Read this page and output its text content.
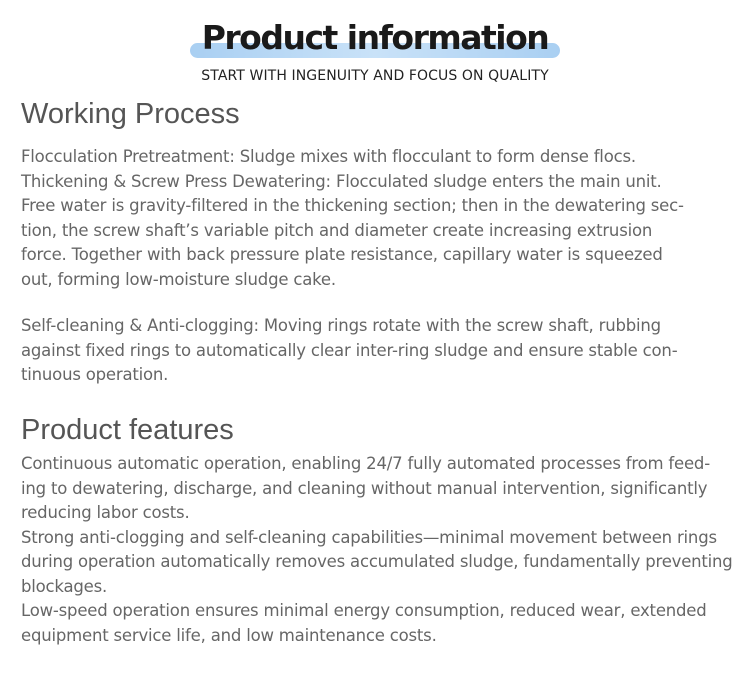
Product information
START WITH INGENUITY AND FOCUS ON QUALITY
Working Process

Flocculation Pretreatment: Sludge mixes with flocculant to form dense flocs.
Thickening & Screw Press Dewatering: Flocculated sludge enters the main unit.
Free water is gravity-filtered in the thickening section; then in the dewatering sec-
tion, the screw shaft’s variable pitch and diameter create increasing extrusion
force. Together with back pressure plate resistance, capillary water is squeezed
out, forming low-moisture sludge cake.

Self-cleaning & Anti-clogging: Moving rings rotate with the screw shaft, rubbing
against fixed rings to automatically clear inter-ring sludge and ensure stable con-
tinuous operation.

Product features

Continuous automatic operation, enabling 24/7 fully automated processes from feed-
ing to dewatering, discharge, and cleaning without manual intervention, significantly
reducing labor costs.
Strong anti-clogging and self-cleaning capabilities—minimal movement between rings
during operation automatically removes accumulated sludge, fundamentally preventing
blockages.
Low-speed operation ensures minimal energy consumption, reduced wear, extended
equipment service life, and low maintenance costs.
